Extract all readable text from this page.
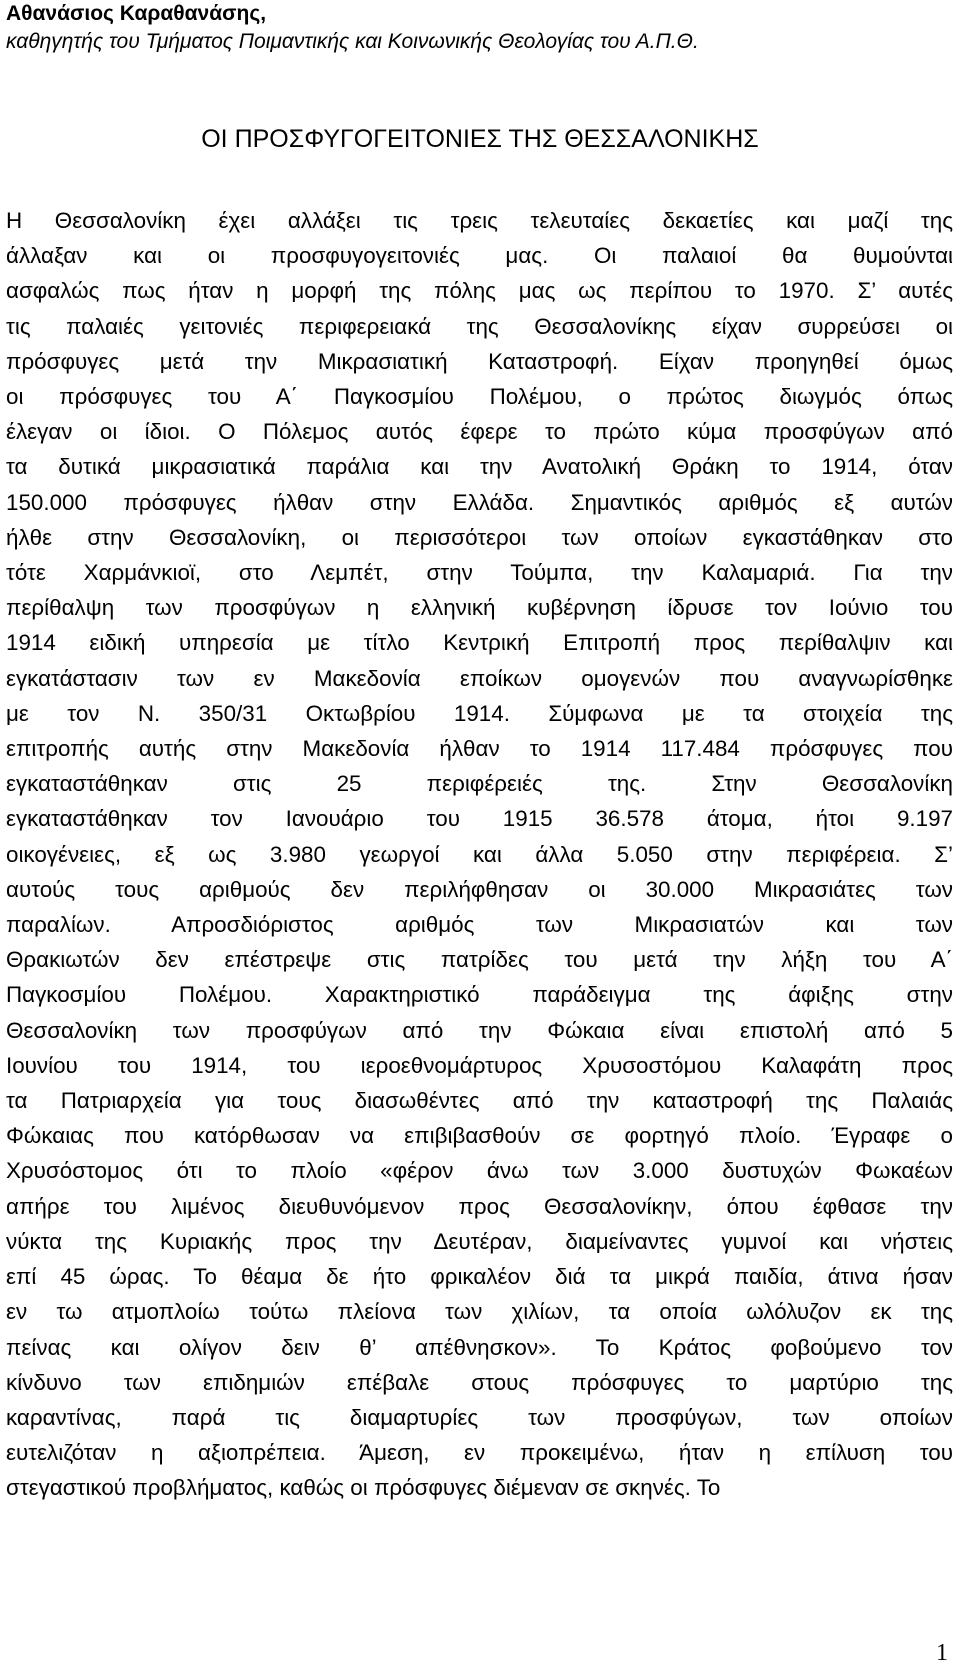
Αθανάσιος Καραθανάσης,
καθηγητής του Τμήματος Ποιμαντικής και Κοινωνικής Θεολογίας του Α.Π.Θ.
ΟΙ ΠΡΟΣΦΥΓΟΓΕΙΤΟΝΙΕΣ ΤΗΣ ΘΕΣΣΑΛΟΝΙΚΗΣ

Η Θεσσαλονίκη έχει αλλάξει τις τρεις τελευταίες δεκαετίες και μαζί της
άλλαξαν και οι προσφυγογειτονιές μας. Οι παλαιοί θα θυμούνται
ασφαλώς πως ήταν η μορφή της πόλης μας ως περίπου το 1970. Σ’ αυτές
τις παλαιές γειτονιές περιφερειακά της Θεσσαλονίκης είχαν συρρεύσει οι
πρόσφυγες μετά την Μικρασιατική Καταστροφή. Είχαν προηγηθεί όμως
οι πρόσφυγες του Α΄ Παγκοσμίου Πολέμου, ο πρώτος διωγμός όπως
έλεγαν οι ίδιοι. Ο Πόλεμος αυτός έφερε το πρώτο κύμα προσφύγων από
τα δυτικά μικρασιατικά παράλια και την Ανατολική Θράκη το 1914, όταν
150.000 πρόσφυγες ήλθαν στην Ελλάδα. Σημαντικός αριθμός εξ αυτών
ήλθε στην Θεσσαλονίκη, οι περισσότεροι των οποίων εγκαστάθηκαν στο
τότε Χαρμάνκιοϊ, στο Λεμπέτ, στην Τούμπα, την Καλαμαριά. Για την
περίθαλψη των προσφύγων η ελληνική κυβέρνηση ίδρυσε τον Ιούνιο του
1914 ειδική υπηρεσία με τίτλο Κεντρική Επιτροπή προς περίθαλψιν και
εγκατάστασιν των εν Μακεδονία εποίκων ομογενών που αναγνωρίσθηκε
με τον Ν. 350/31 Οκτωβρίου 1914. Σύμφωνα με τα στοιχεία της
επιτροπής αυτής στην Μακεδονία ήλθαν το 1914 117.484 πρόσφυγες που
εγκαταστάθηκαν στις 25 περιφέρειές της. Στην Θεσσαλονίκη
εγκαταστάθηκαν τον Ιανουάριο του 1915 36.578 άτομα, ήτοι 9.197
οικογένειες, εξ ως 3.980 γεωργοί και άλλα 5.050 στην περιφέρεια. Σ’
αυτούς τους αριθμούς δεν περιλήφθησαν οι 30.000 Μικρασιάτες των
παραλίων. Απροσδιόριστος αριθμός των Μικρασιατών και των
Θρακιωτών δεν επέστρεψε στις πατρίδες του μετά την λήξη του Α΄
Παγκοσμίου Πολέμου. Χαρακτηριστικό παράδειγμα της άφιξης στην
Θεσσαλονίκη των προσφύγων από την Φώκαια είναι επιστολή από 5
Ιουνίου του 1914, του ιεροεθνομάρτυρος Χρυσοστόμου Καλαφάτη προς
τα Πατριαρχεία για τους διασωθέντες από την καταστροφή της Παλαιάς
Φώκαιας που κατόρθωσαν να επιβιβασθούν σε φορτηγό πλοίο. Έγραφε ο
Χρυσόστομος ότι το πλοίο «φέρον άνω των 3.000 δυστυχών Φωκαέων
απήρε του λιμένος διευθυνόμενον προς Θεσσαλονίκην, όπου έφθασε την
νύκτα της Κυριακής προς την Δευτέραν, διαμείναντες γυμνοί και νήστεις
επί 45 ώρας. Το θέαμα δε ήτο φρικαλέον διά τα μικρά παιδία, άτινα ήσαν
εν τω ατμοπλοίω τούτω πλείονα των χιλίων, τα οποία ωλόλυζον εκ της
πείνας και ολίγον δειν θ’ απέθνησκον». Το Κράτος φοβούμενο τον
κίνδυνο των επιδημιών επέβαλε στους πρόσφυγες το μαρτύριο της
καραντίνας, παρά τις διαμαρτυρίες των προσφύγων, των οποίων
ευτελιζόταν η αξιοπρέπεια. Άμεση, εν προκειμένω, ήταν η επίλυση του
στεγαστικού προβλήματος, καθώς οι πρόσφυγες διέμεναν σε σκηνές. Το

1
